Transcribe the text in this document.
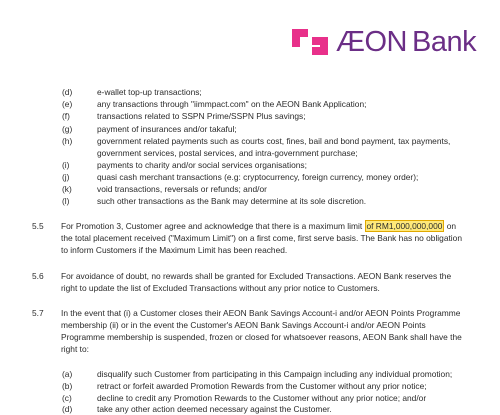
ÆON Bank
(d)	e-wallet top-up transactions;
(e)	any transactions through "iimmpact.com" on the AEON Bank Application;
(f)	transactions related to SSPN Prime/SSPN Plus savings;
(g)	payment of insurances and/or takaful;
(h)	government related payments such as courts cost, fines, bail and bond payment, tax payments,
government services, postal services, and intra-government purchase;
(i)	payments to charity and/or social services organisations;
(j)	quasi cash merchant transactions (e.g: cryptocurrency, foreign currency, money order);
(k)	void transactions, reversals or refunds; and/or
(l)	such other transactions as the Bank may determine at its sole discretion.
5.5 For Promotion 3, Customer agree and acknowledge that there is a maximum limit of RM1,000,000,000 on
the total placement received ("Maximum Limit") on a first come, first serve basis. The Bank has no obligation
to inform Customers if the Maximum Limit has been reached.
5.6 For avoidance of doubt, no rewards shall be granted for Excluded Transactions. AEON Bank reserves the
right to update the list of Excluded Transactions without any prior notice to Customers.
5.7 In the event that (i) a Customer closes their AEON Bank Savings Account-i and/or AEON Points Programme
membership (ii) or in the event the Customer's AEON Bank Savings Account-i and/or AEON Points
Programme membership is suspended, frozen or closed for whatsoever reasons, AEON Bank shall have the
right to:
(a)	disqualify such Customer from participating in this Campaign including any individual promotion;
(b)	retract or forfeit awarded Promotion Rewards from the Customer without any prior notice;
(c)	decline to credit any Promotion Rewards to the Customer without any prior notice; and/or
(d)	take any other action deemed necessary against the Customer.
